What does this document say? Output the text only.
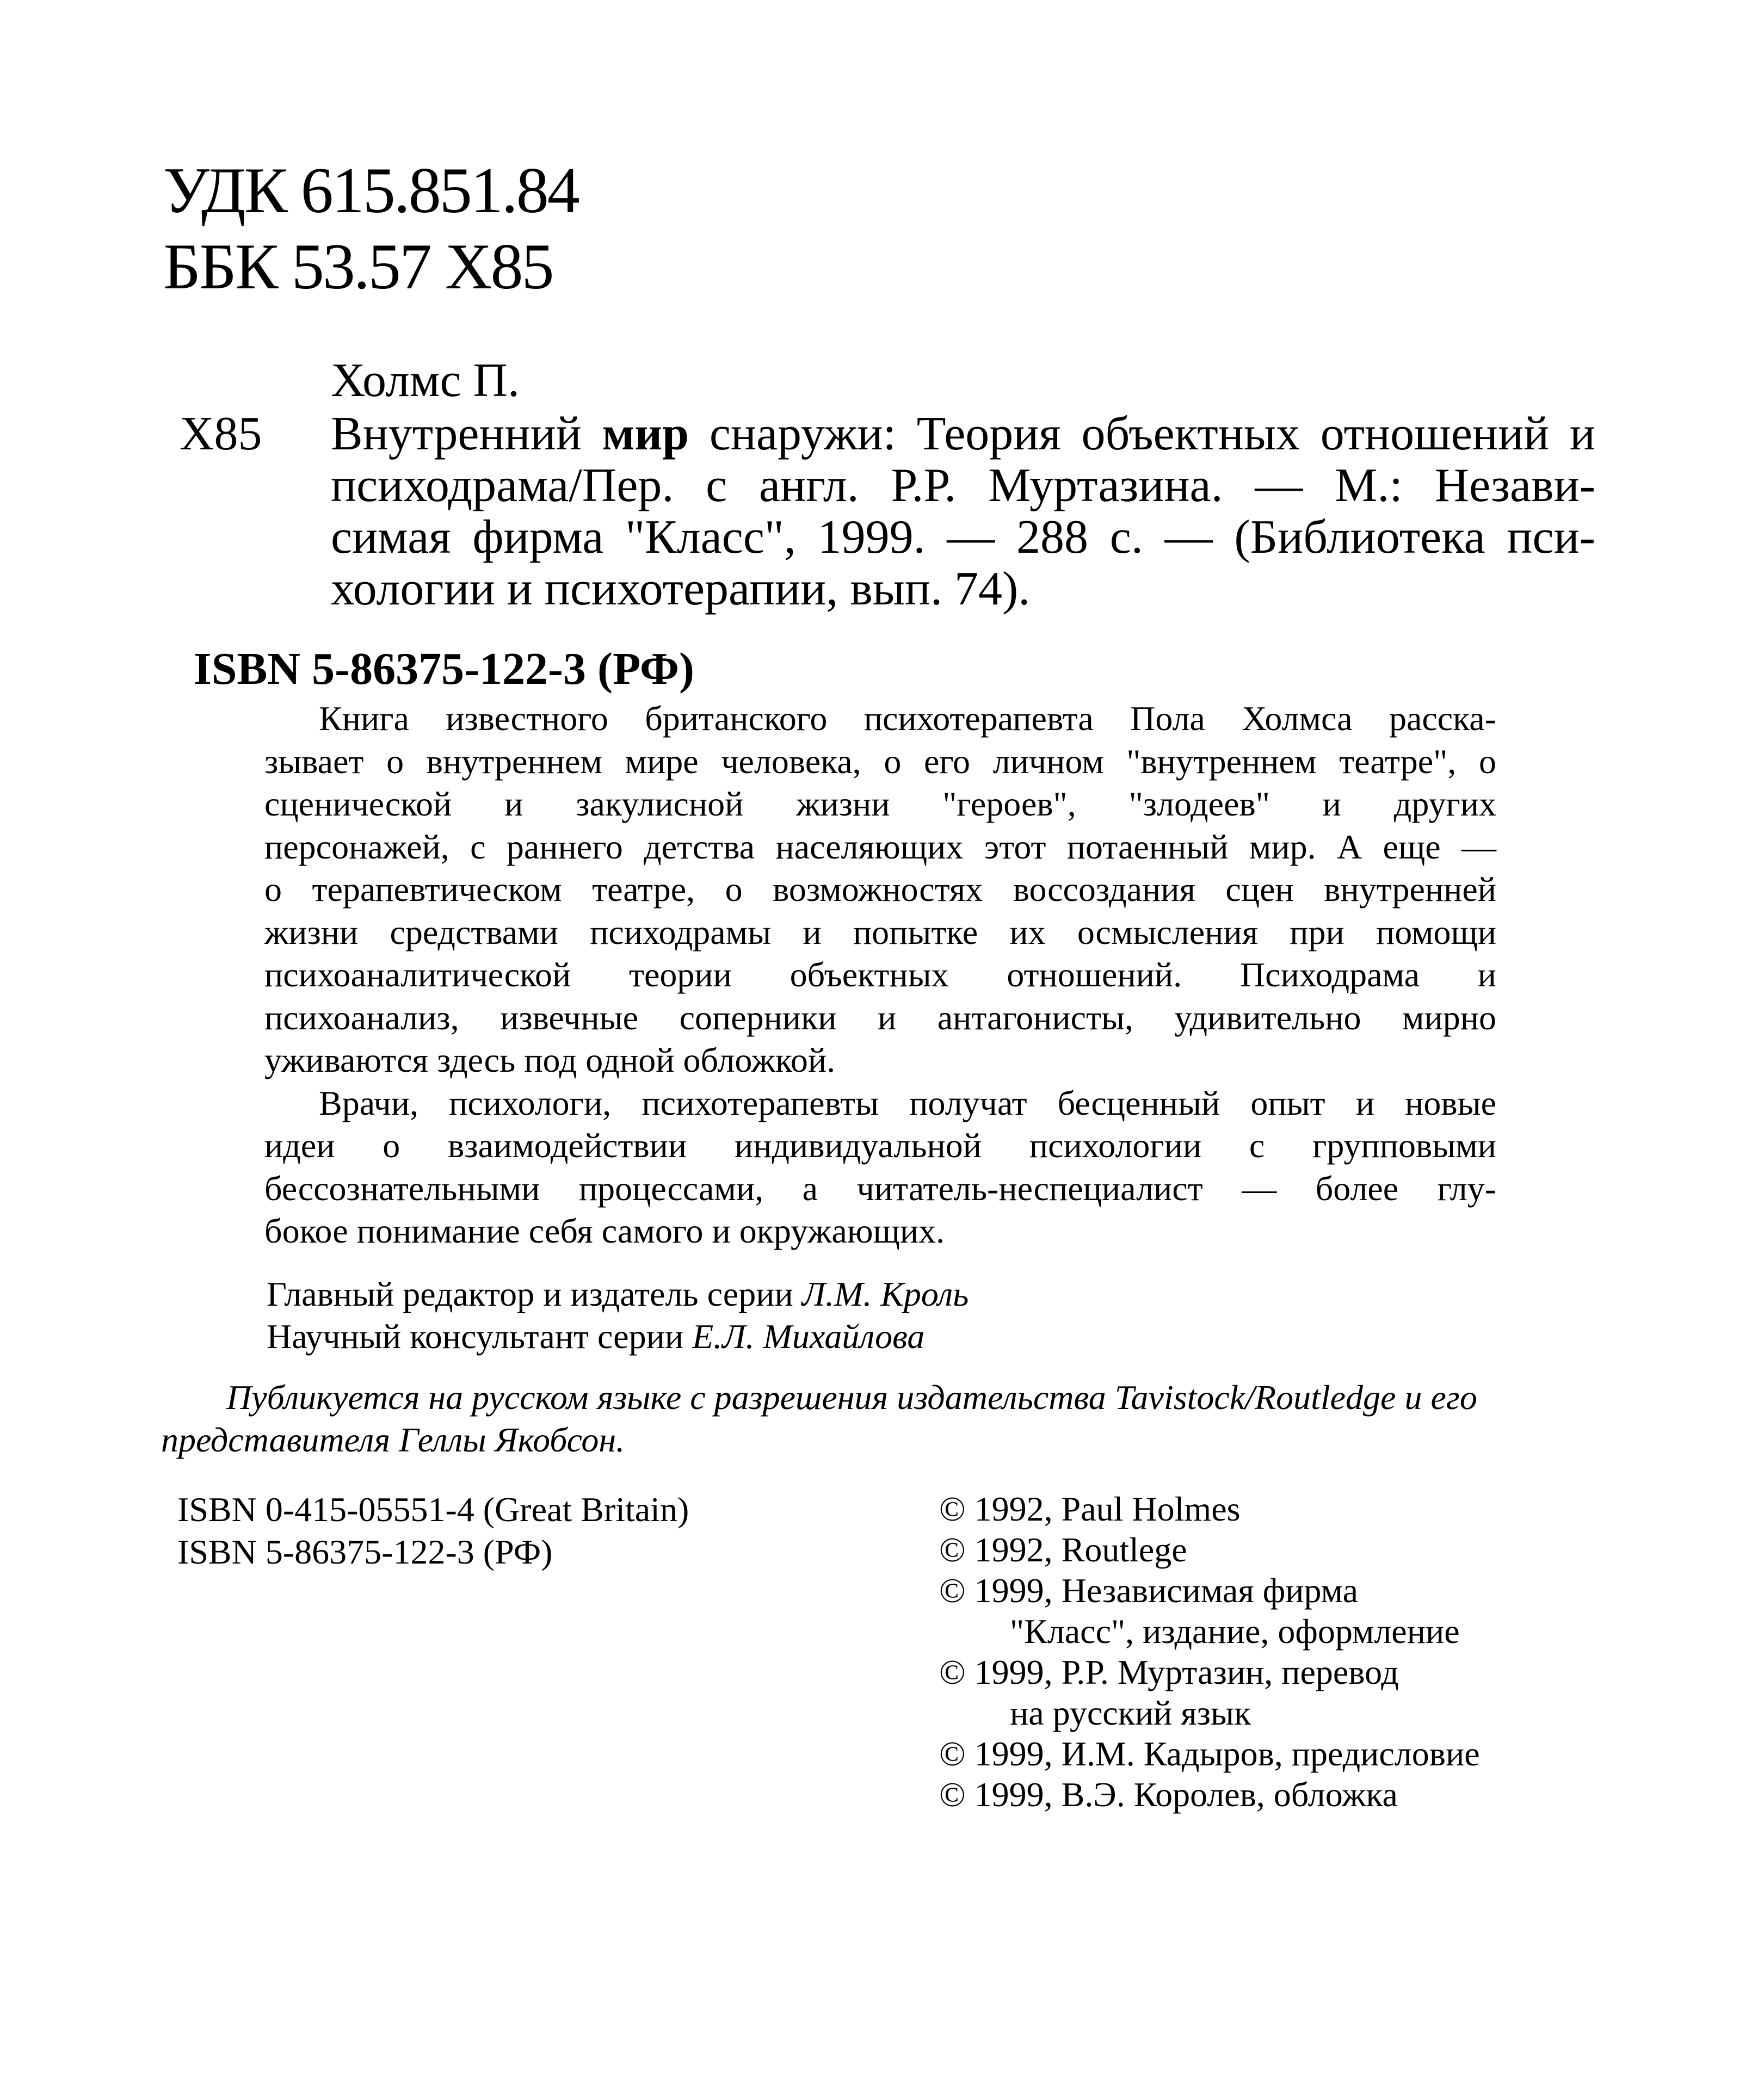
УДК 615.851.84
ББК 53.57 Х85
Холмс П.
Х85 Внутренний мир снаружи: Теория объектных отношений и
психодрама/Пер. с англ. Р.Р. Муртазина. — М.: Незави-
симая фирма "Класс", 1999. — 288 с. — (Библиотека пси-
хологии и психотерапии, вып. 74).
ISBN 5-86375-122-3 (РФ)
Книга известного британского психотерапевта Пола Холмса расска-
зывает о внутреннем мире человека, о его личном "внутреннем театре", о
сценической и закулисной жизни "героев", "злодеев" и других
персонажей, с раннего детства населяющих этот потаенный мир. А еще —
о терапевтическом театре, о возможностях воссоздания сцен внутренней
жизни средствами психодрамы и попытке их осмысления при помощи
психоаналитической теории объектных отношений. Психодрама и
психоанализ, извечные соперники и антагонисты, удивительно мирно
уживаются здесь под одной обложкой.
Врачи, психологи, психотерапевты получат бесценный опыт и новые
идеи о взаимодействии индивидуальной психологии с групповыми
бессознательными процессами, а читатель-неспециалист — более глу-
бокое понимание себя самого и окружающих.
Главный редактор и издатель серии Л.М. Кроль
Научный консультант серии Е.Л. Михайлова
Публикуется на русском языке с разрешения издательства Tavistock/Routledge и его
представителя Геллы Якобсон.
ISBN 0-415-05551-4 (Great Britain)
ISBN 5-86375-122-3 (РФ)
© 1992, Paul Holmes
© 1992, Routlege
© 1999, Независимая фирма
"Класс", издание, оформление
© 1999, Р.Р. Муртазин, перевод
на русский язык
© 1999, И.М. Кадыров, предисловие
© 1999, В.Э. Королев, обложка
